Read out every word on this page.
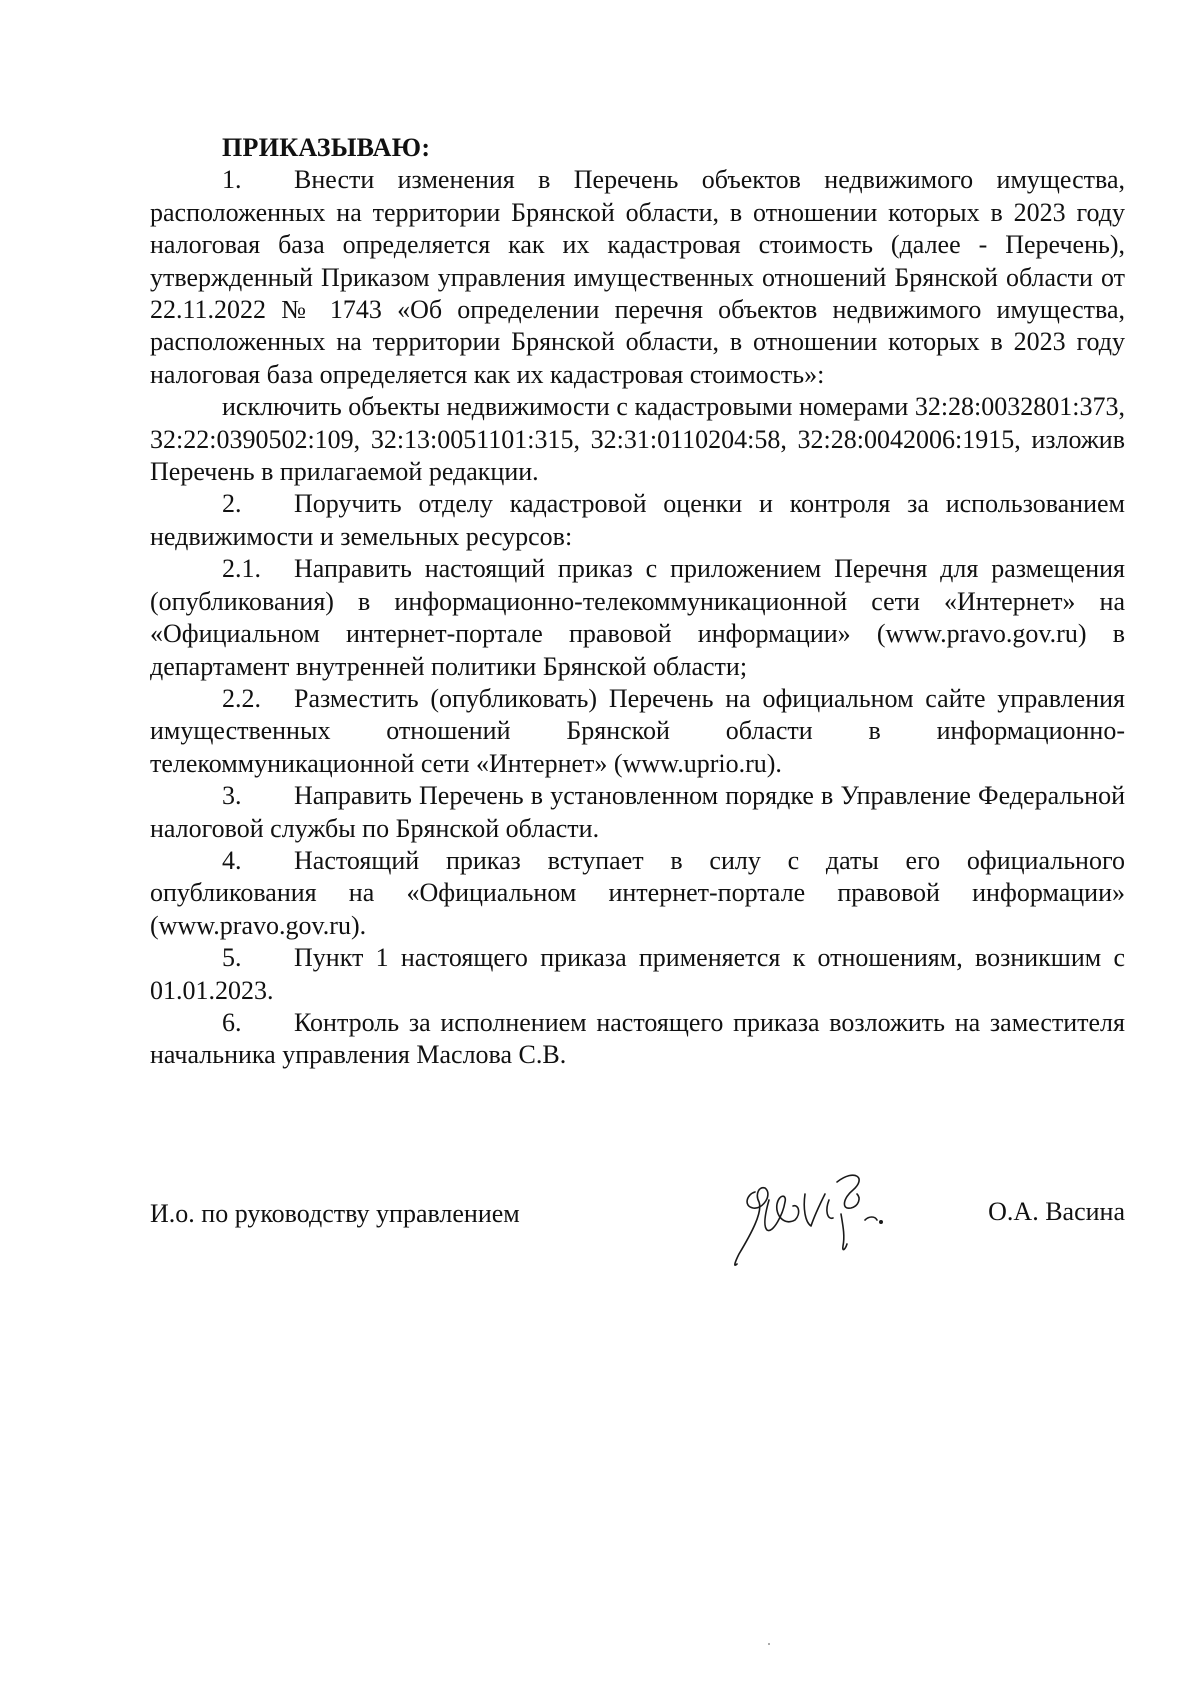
ПРИКАЗЫВАЮ:

1. Внести изменения в Перечень объектов недвижимого имущества, расположенных на территории Брянской области, в отношении которых в 2023 году налоговая база определяется как их кадастровая стоимость (далее - Перечень), утвержденный Приказом управления имущественных отношений Брянской области от 22.11.2022 № 1743 «Об определении перечня объектов недвижимого имущества, расположенных на территории Брянской области, в отношении которых в 2023 году налоговая база определяется как их кадастровая стоимость»:

исключить объекты недвижимости с кадастровыми номерами 32:28:0032801:373, 32:22:0390502:109, 32:13:0051101:315, 32:31:0110204:58, 32:28:0042006:1915, изложив Перечень в прилагаемой редакции.

2. Поручить отделу кадастровой оценки и контроля за использованием недвижимости и земельных ресурсов:

2.1. Направить настоящий приказ с приложением Перечня для размещения (опубликования) в информационно-телекоммуникационной сети «Интернет» на «Официальном интернет-портале правовой информации» (www.pravo.gov.ru) в департамент внутренней политики Брянской области;

2.2. Разместить (опубликовать) Перечень на официальном сайте управления имущественных отношений Брянской области в информационно-телекоммуникационной сети «Интернет» (www.uprio.ru).

3. Направить Перечень в установленном порядке в Управление Федеральной налоговой службы по Брянской области.

4. Настоящий приказ вступает в силу с даты его официального опубликования на «Официальном интернет-портале правовой информации» (www.pravo.gov.ru).

5. Пункт 1 настоящего приказа применяется к отношениям, возникшим с 01.01.2023.

6. Контроль за исполнением настоящего приказа возложить на заместителя начальника управления Маслова С.В.

И.о. по руководству управлением	О.А. Васина
